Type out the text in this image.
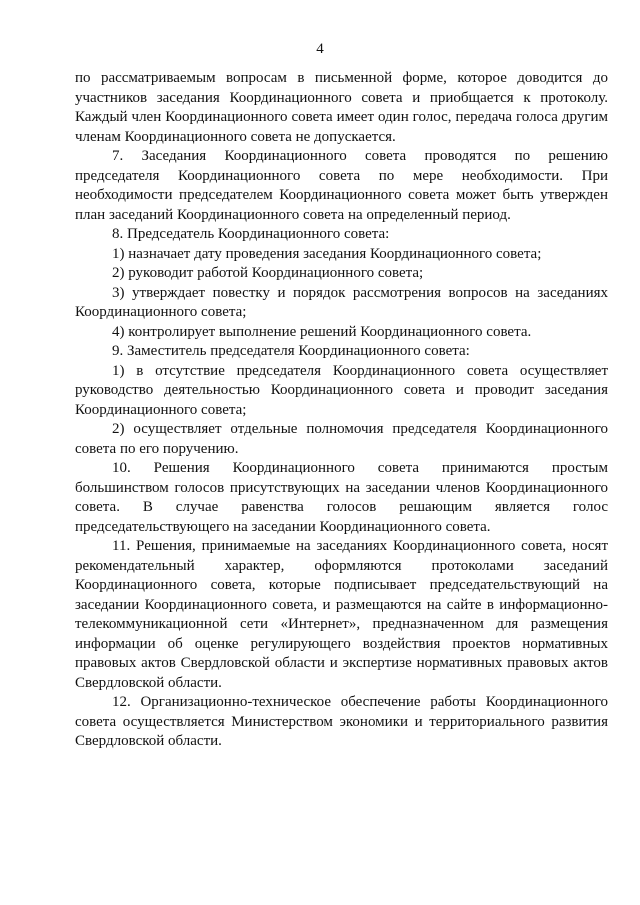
4

по рассматриваемым вопросам в письменной форме, которое доводится до участников заседания Координационного совета и приобщается к протоколу. Каждый член Координационного совета имеет один голос, передача голоса другим членам Координационного совета не допускается.

7. Заседания Координационного совета проводятся по решению председателя Координационного совета по мере необходимости. При необходимости председателем Координационного совета может быть утвержден план заседаний Координационного совета на определенный период.

8. Председатель Координационного совета:

1) назначает дату проведения заседания Координационного совета;

2) руководит работой Координационного совета;

3) утверждает повестку и порядок рассмотрения вопросов на заседаниях Координационного совета;

4) контролирует выполнение решений Координационного совета.

9. Заместитель председателя Координационного совета:

1) в отсутствие председателя Координационного совета осуществляет руководство деятельностью Координационного совета и проводит заседания Координационного совета;

2) осуществляет отдельные полномочия председателя Координационного совета по его поручению.

10. Решения Координационного совета принимаются простым большинством голосов присутствующих на заседании членов Координационного совета. В случае равенства голосов решающим является голос председательствующего на заседании Координационного совета.

11. Решения, принимаемые на заседаниях Координационного совета, носят рекомендательный характер, оформляются протоколами заседаний Координационного совета, которые подписывает председательствующий на заседании Координационного совета, и размещаются на сайте в информационно-телекоммуникационной сети «Интернет», предназначенном для размещения информации об оценке регулирующего воздействия проектов нормативных правовых актов Свердловской области и экспертизе нормативных правовых актов Свердловской области.

12. Организационно-техническое обеспечение работы Координационного совета осуществляется Министерством экономики и территориального развития Свердловской области.
